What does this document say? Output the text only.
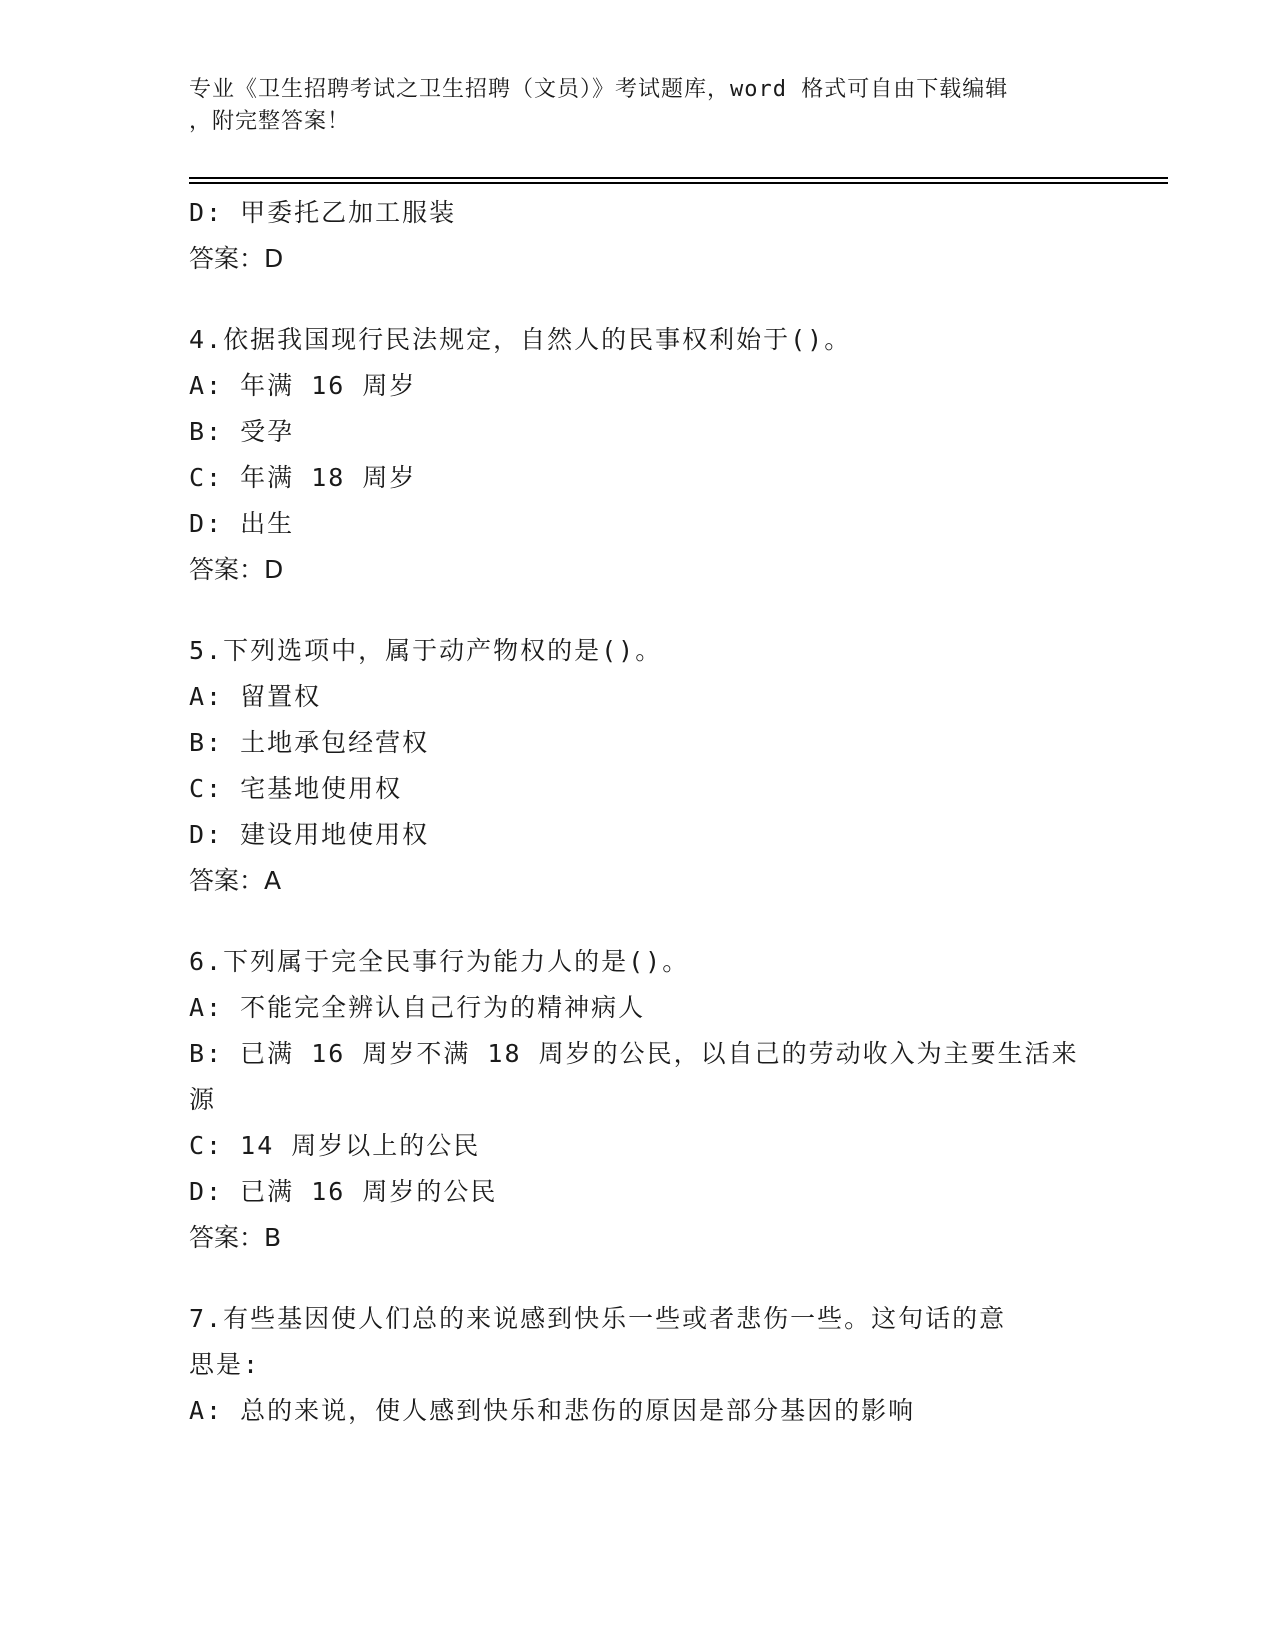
专业《卫生招聘考试之卫生招聘（文员）》考试题库，word 格式可自由下载编辑
，附完整答案！
D: 甲委托乙加工服装
答案：D
4.依据我国现行民法规定，自然人的民事权利始于()。
A: 年满 16 周岁
B: 受孕
C: 年满 18 周岁
D: 出生
答案：D
5.下列选项中，属于动产物权的是()。
A: 留置权
B: 土地承包经营权
C: 宅基地使用权
D: 建设用地使用权
答案：A
6.下列属于完全民事行为能力人的是()。
A: 不能完全辨认自己行为的精神病人
B: 已满 16 周岁不满 18 周岁的公民，以自己的劳动收入为主要生活来
源
C: 14 周岁以上的公民
D: 已满 16 周岁的公民
答案：B
7.有些基因使人们总的来说感到快乐一些或者悲伤一些。这句话的意
思是:
A: 总的来说，使人感到快乐和悲伤的原因是部分基因的影响
